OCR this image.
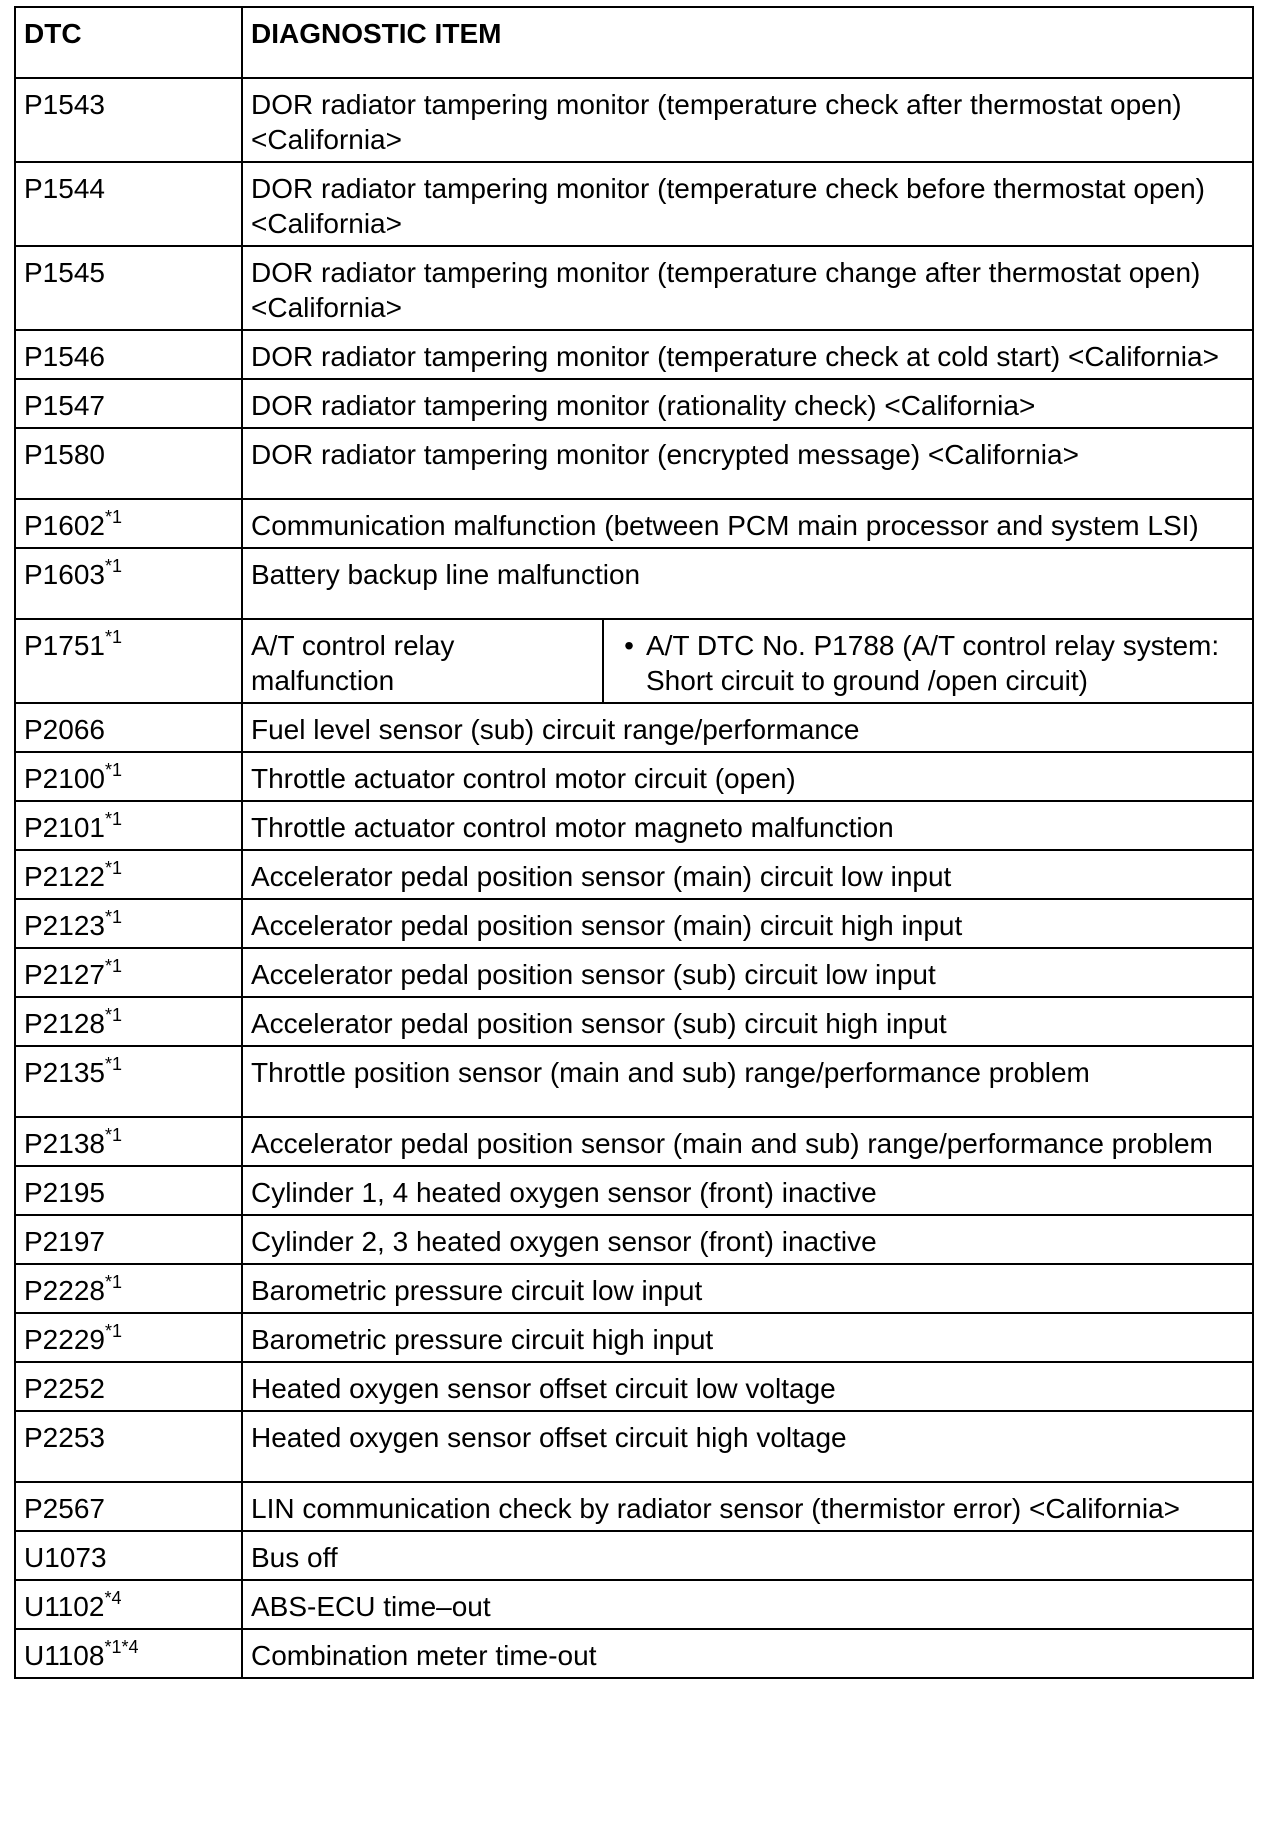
DTC	DIAGNOSTIC ITEM	
P1543	DOR radiator tampering monitor (temperature check after thermostat open) <California>	
P1544	DOR radiator tampering monitor (temperature check before thermostat open) <California>	
P1545	DOR radiator tampering monitor (temperature change after thermostat open) <California>	
P1546	DOR radiator tampering monitor (temperature check at cold start) <California>	
P1547	DOR radiator tampering monitor (rationality check) <California>	
P1580	DOR radiator tampering monitor (encrypted message) <California>	
P1602$^{*1}$	Communication malfunction (between PCM main processor and system LSI)	
P1603$^{*1}$	Battery backup line malfunction	
P1751$^{*1}$	A/T control relay malfunction	• A/T DTC No. P1788 (A/T control relay system: Short circuit to ground /open circuit)

P2066	Fuel level sensor (sub) circuit range/performance	
P2100$^{*1}$	Throttle actuator control motor circuit (open)	
P2101$^{*1}$	Throttle actuator control motor magneto malfunction	
P2122$^{*1}$	Accelerator pedal position sensor (main) circuit low input	
P2123$^{*1}$	Accelerator pedal position sensor (main) circuit high input	
P2127$^{*1}$	Accelerator pedal position sensor (sub) circuit low input	
P2128$^{*1}$	Accelerator pedal position sensor (sub) circuit high input	
P2135$^{*1}$	Throttle position sensor (main and sub) range/performance problem	
P2138$^{*1}$	Accelerator pedal position sensor (main and sub) range/performance problem	
P2195	Cylinder 1, 4 heated oxygen sensor (front) inactive	
P2197	Cylinder 2, 3 heated oxygen sensor (front) inactive	
P2228$^{*1}$	Barometric pressure circuit low input	
P2229$^{*1}$	Barometric pressure circuit high input	
P2252	Heated oxygen sensor offset circuit low voltage	
P2253	Heated oxygen sensor offset circuit high voltage	
P2567	LIN communication check by radiator sensor (thermistor error) <California>	
U1073	Bus off	
U1102$^{*4}$	ABS-ECU time–out	
$U1108^{*1*4}$	Combination meter time-out	
